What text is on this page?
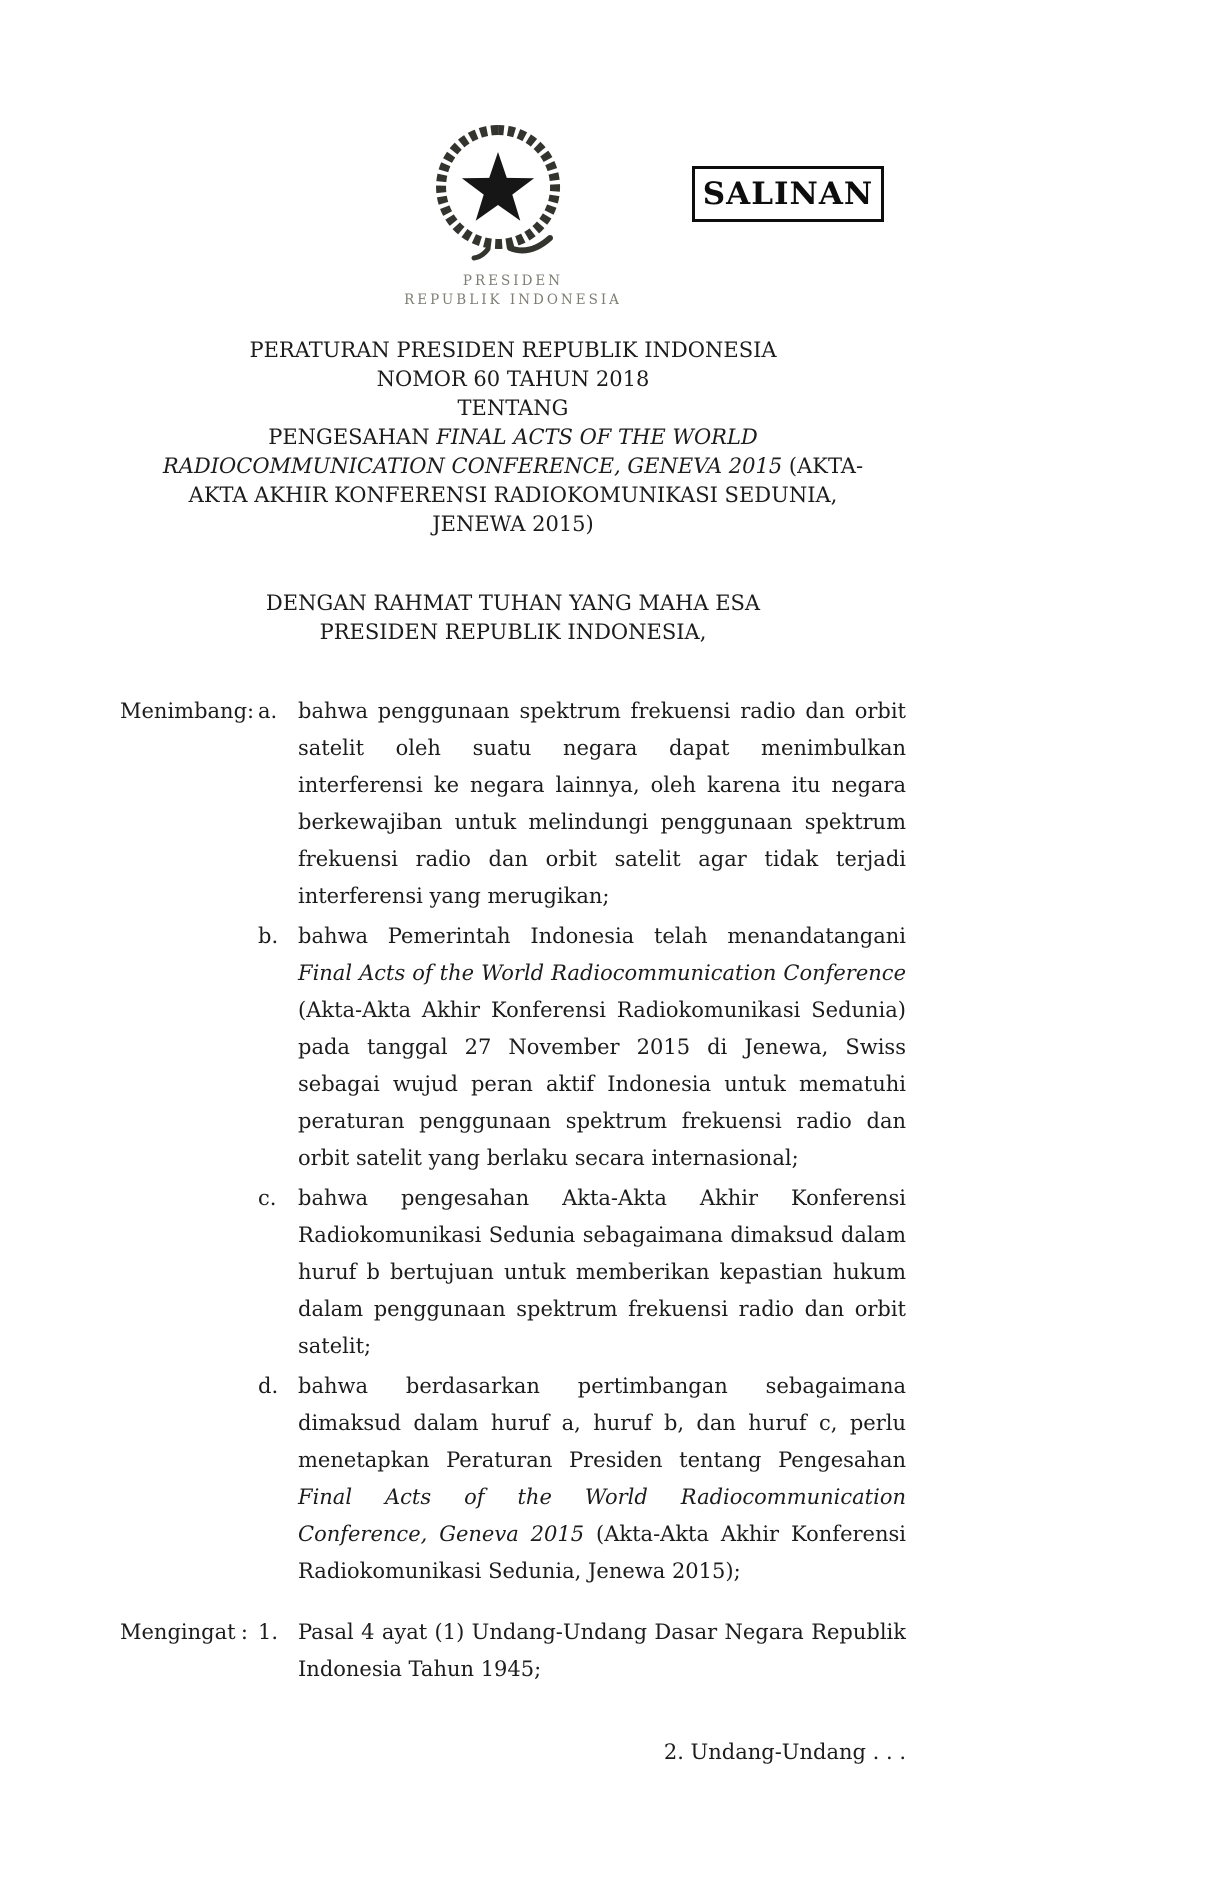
SALINAN
PRESIDEN
REPUBLIK INDONESIA
PERATURAN PRESIDEN REPUBLIK INDONESIA
NOMOR 60 TAHUN 2018
TENTANG
PENGESAHAN FINAL ACTS OF THE WORLD RADIOCOMMUNICATION CONFERENCE, GENEVA 2015 (AKTA-AKTA AKHIR KONFERENSI RADIOKOMUNIKASI SEDUNIA, JENEWA 2015)
DENGAN RAHMAT TUHAN YANG MAHA ESA
PRESIDEN REPUBLIK INDONESIA,
Menimbang : a. bahwa penggunaan spektrum frekuensi radio dan orbit satelit oleh suatu negara dapat menimbulkan interferensi ke negara lainnya, oleh karena itu negara berkewajiban untuk melindungi penggunaan spektrum frekuensi radio dan orbit satelit agar tidak terjadi interferensi yang merugikan;
b. bahwa Pemerintah Indonesia telah menandatangani Final Acts of the World Radiocommunication Conference (Akta-Akta Akhir Konferensi Radiokomunikasi Sedunia) pada tanggal 27 November 2015 di Jenewa, Swiss sebagai wujud peran aktif Indonesia untuk mematuhi peraturan penggunaan spektrum frekuensi radio dan orbit satelit yang berlaku secara internasional;
c.	bahwa pengesahan Akta-Akta Akhir Konferensi Radiokomunikasi Sedunia sebagaimana dimaksud dalam huruf b bertujuan untuk memberikan kepastian hukum dalam penggunaan spektrum frekuensi radio dan orbit satelit;
d. bahwa berdasarkan pertimbangan sebagaimana dimaksud dalam huruf a, huruf b, dan huruf c, perlu menetapkan Peraturan Presiden tentang Pengesahan Final Acts of the World Radiocommunication Conference, Geneva 2015 (Akta-Akta Akhir Konferensi Radiokomunikasi Sedunia, Jenewa 2015);
Mengingat : 1. Pasal 4 ayat (1) Undang-Undang Dasar Negara Republik Indonesia Tahun 1945;
2. Undang-Undang . . .
